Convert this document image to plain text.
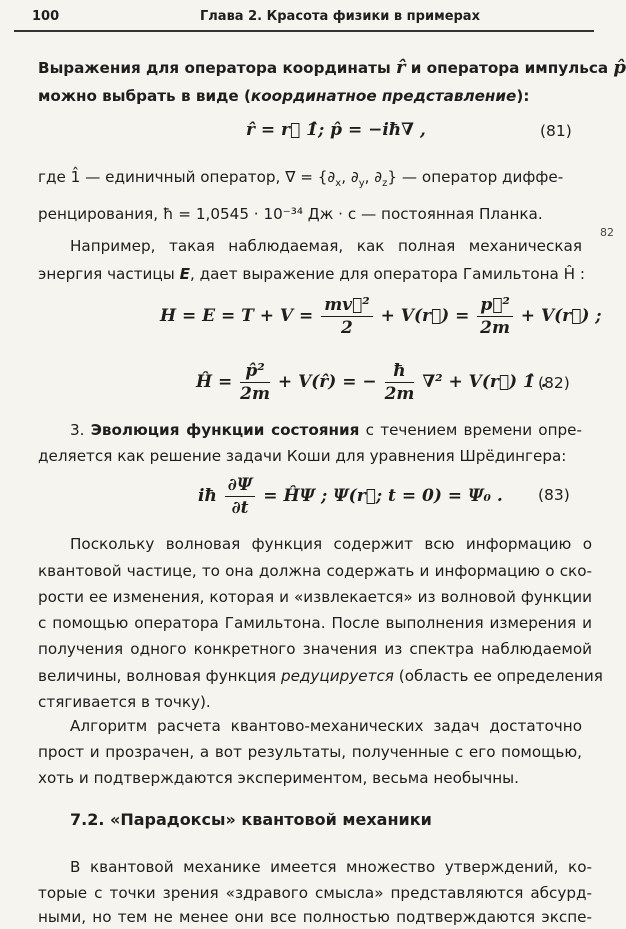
100	Глава 2. Красота физики в примерах
82
Выражения для оператора координаты r̂ и оператора импульса p̂
можно выбрать в виде (координатное представление):
r̂ = r⃗ 1̂; p̂ = −iħ∇ ,	(81)
где 1̂ — единичный оператор, ∇ = {$\partial_x$, $\partial_y$, $\partial_z$} — оператор диффе-
ренцирования, ħ = 1,0545 · 10⁻³⁴ Дж · с — постоянная Планка.
Например, такая наблюдаемая, как полная механическая
энергия частицы E, дает выражение для оператора Гамильтона Ĥ :
$H = E = T + V = \frac{\text{mv⃗²}}{2}$ + V(r⃗) = $\frac{\text{p⃗²}}{2m}$ + V(r⃗) ;
Ĥ = $\frac{\text{p̂²}}{2m}$ + V(r̂) = − $\frac{ħ}{2m} \nabla^2$ + V(r⃗) 1̂ .
(82)
3. Эволюция функции состояния с течением времени опре-
деляется как решение задачи Коши для уравнения Шрёдингера:
iħ $\frac{\partial\Psi}{\partial t}$ = ĤΨ ; Ψ(r⃗; t = 0) = Ψ₀ . (83)
Поскольку волновая функция содержит всю информацию о
квантовой частице, то она должна содержать и информацию о ско-
рости ее изменения, которая и «извлекается» из волновой функции
с помощью оператора Гамильтона. После выполнения измерения и
получения одного конкретного значения из спектра наблюдаемой
величины, волновая функция редуцируется (область ее определения
стягивается в точку).
Алгоритм расчета квантово-механических задач достаточно
прост и прозрачен, а вот результаты, полученные с его помощью,
хоть и подтверждаются экспериментом, весьма необычны.
7.2. «Парадоксы» квантовой механики
В квантовой механике имеется множество утверждений, ко-
торые с точки зрения «здравого смысла» представляются абсурд-
ными, но тем не менее они все полностью подтверждаются экспе-
